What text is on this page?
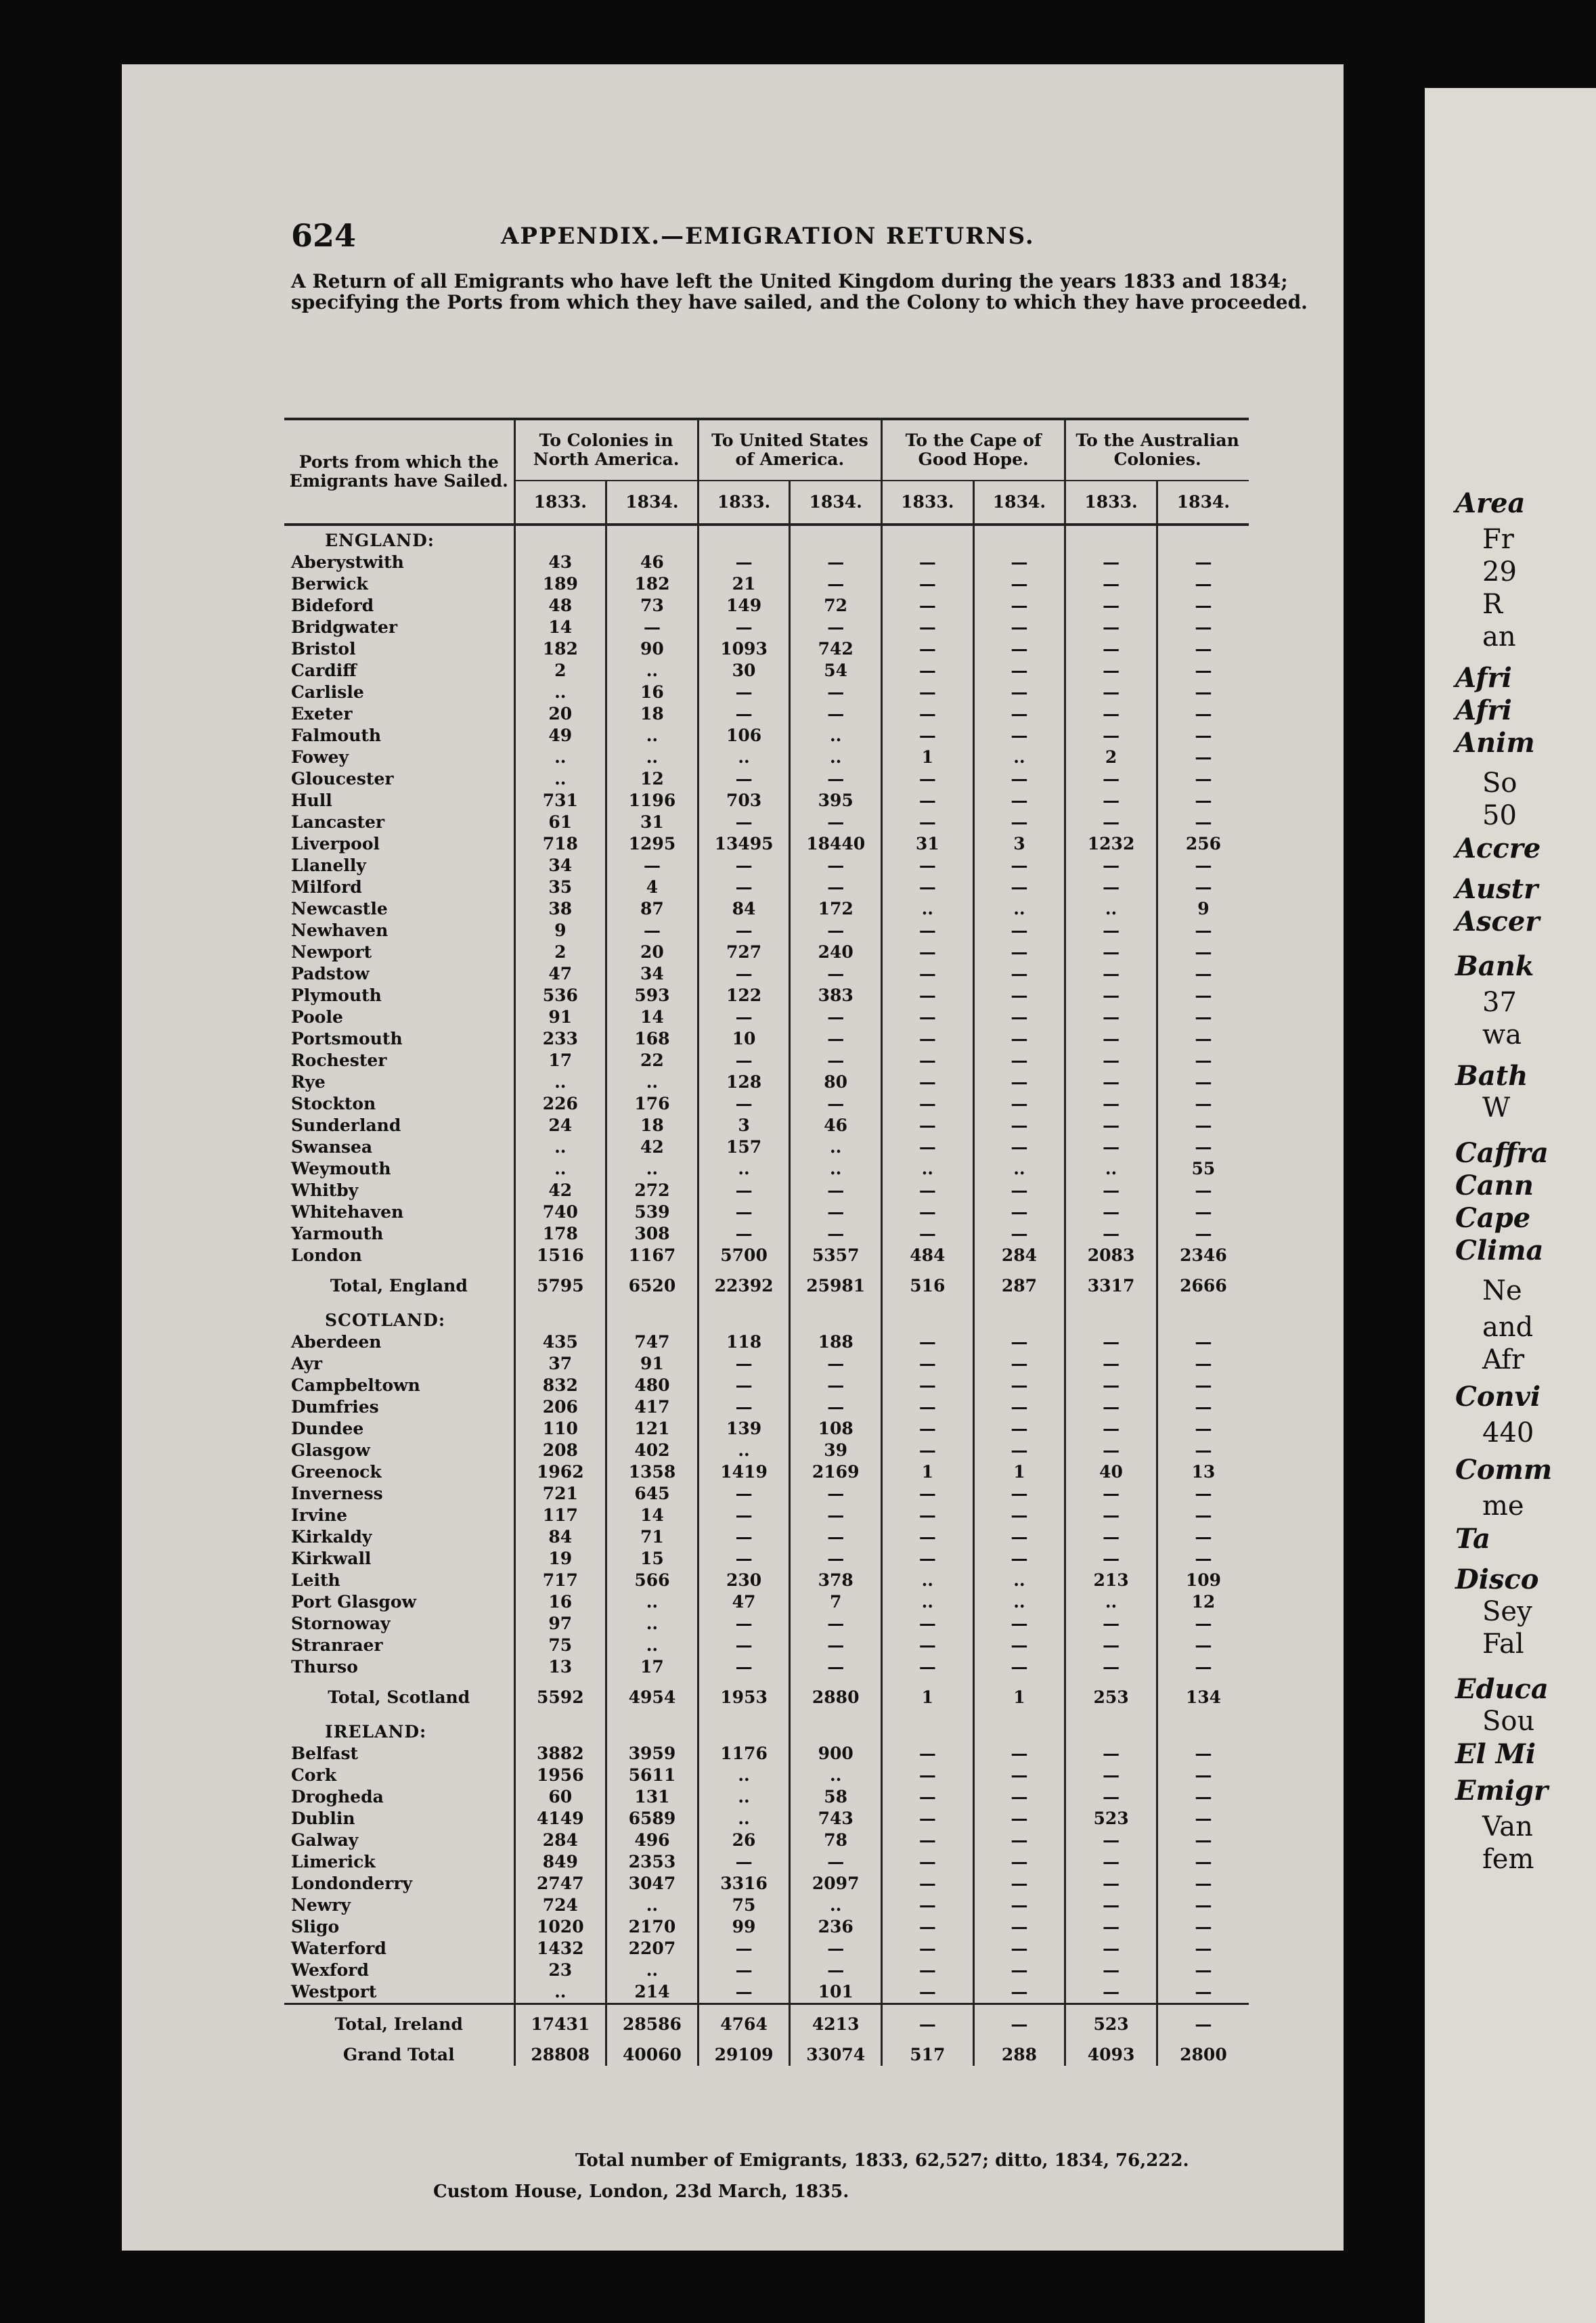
624	APPENDIX.—EMIGRATION RETURNS.
A Return of all Emigrants who have left the United Kingdom during the years 1833 and 1834; specifying the Ports from which they have sailed, and the Colony to which they have proceeded.
Ports from which the Emigrants have Sailed.	To Colonies in North America.		To United States of America.		To the Cape of Good Hope.		To the Australian Colonies.	
	1833.	1834.	1833.	1834.	1833.	1834.	1833.	1834.
ENGLAND:								
Aberystwith	43	46	—	—	—	—	—	—
Berwick	189	182	21	—	—	—	—	—
Bideford	48	73	149	72	—	—	—	—
Bridgwater	14	—	—	—	—	—	—	—
Bristol	182	90	1093	742	—	—	—	—
Cardiff	2	..	30	54	—	—	—	—
Carlisle	..	16	—	—	—	—	—	—
Exeter	20	18	—	—	—	—	—	—
Falmouth	49	..	106	..	—	—	—	—
Fowey	..	..	..	..	1	..	2	—
Gloucester	..	12	—	—	—	—	—	—
Hull	731	1196	703	395	—	—	—	—
Lancaster	61	31	—	—	—	—	—	—
Liverpool	718	1295	13495	18440	31	3	1232	256
Llanelly	34	—	—	—	—	—	—	—
Milford	35	4	—	—	—	—	—	—
Newcastle	38	87	84	172	..	..	..	9
Newhaven	9	—	—	—	—	—	—	—
Newport	2	20	727	240	—	—	—	—
Padstow	47	34	—	—	—	—	—	—
Plymouth	536	593	122	383	—	—	—	—
Poole	91	14	—	—	—	—	—	—
Portsmouth	233	168	10	—	—	—	—	—
Rochester	17	22	—	—	—	—	—	—
Rye	..	..	128	80	—	—	—	—
Stockton	226	176	—	—	—	—	—	—
Sunderland	24	18	3	46	—	—	—	—
Swansea	..	42	157	..	—	—	—	—
Weymouth	..	..	..	..	..	..	..	55
Whitby	42	272	—	—	—	—	—	—
Whitehaven	740	539	—	—	—	—	—	—
Yarmouth	178	308	—	—	—	—	—	—
London	1516	1167	5700	5357	484	284	2083	2346
Total, England	5795	6520	22392	25981	516	287	3317	2666
SCOTLAND:								
Aberdeen	435	747	118	188	—	—	—	—
Ayr	37	91	—	—	—	—	—	—
Campbeltown	832	480	—	—	—	—	—	—
Dumfries	206	417	—	—	—	—	—	—
Dundee	110	121	139	108	—	—	—	—
Glasgow	208	402	..	39	—	—	—	—
Greenock	1962	1358	1419	2169	1	1	40	13
Inverness	721	645	—	—	—	—	—	—
Irvine	117	14	—	—	—	—	—	—
Kirkaldy	84	71	—	—	—	—	—	—
Kirkwall	19	15	—	—	—	—	—	—
Leith	717	566	230	378	..	..	213	109
Port Glasgow	16	..	47	7	..	..	..	12
Stornoway	97	..	—	—	—	—	—	—
Stranraer	75	..	—	—	—	—	—	—
Thurso	13	17	—	—	—	—	—	—
Total, Scotland	5592	4954	1953	2880	1	1	253	134
IRELAND:								
Belfast	3882	3959	1176	900	—	—	—	—
Cork	1956	5611	..	..	—	—	—	—
Drogheda	60	131	..	58	—	—	—	—
Dublin	4149	6589	..	743	—	—	523	—
Galway	284	496	26	78	—	—	—	—
Limerick	849	2353	—	—	—	—	—	—
Londonderry	2747	3047	3316	2097	—	—	—	—
Newry	724	..	75	..	—	—	—	—
Sligo	1020	2170	99	236	—	—	—	—
Waterford	1432	2207	—	—	—	—	—	—
Wexford	23	..	—	—	—	—	—	—
Westport	..	214	—	101	—	—	—	—
Total, Ireland	17431	28586	4764	4213	—	—	523	—
Grand Total	28808	40060	29109	33074	517	288	4093	2800
Total number of Emigrants, 1833, 62,527; ditto, 1834, 76,222.
Custom House, London, 23d March, 1835.
Area
Fr
29
R
an
Afri
Afri
Anim
So
50
Accre
Austr
Ascer
Bank
37
wa
Bath
W
Caffra
Cann
Cape
Clima
Ne
and
Afr
Convi
440
Comm
me
Ta
Disco
Sey
Fal
Educa
Sou
El Mi
Emigr
Van
fem
